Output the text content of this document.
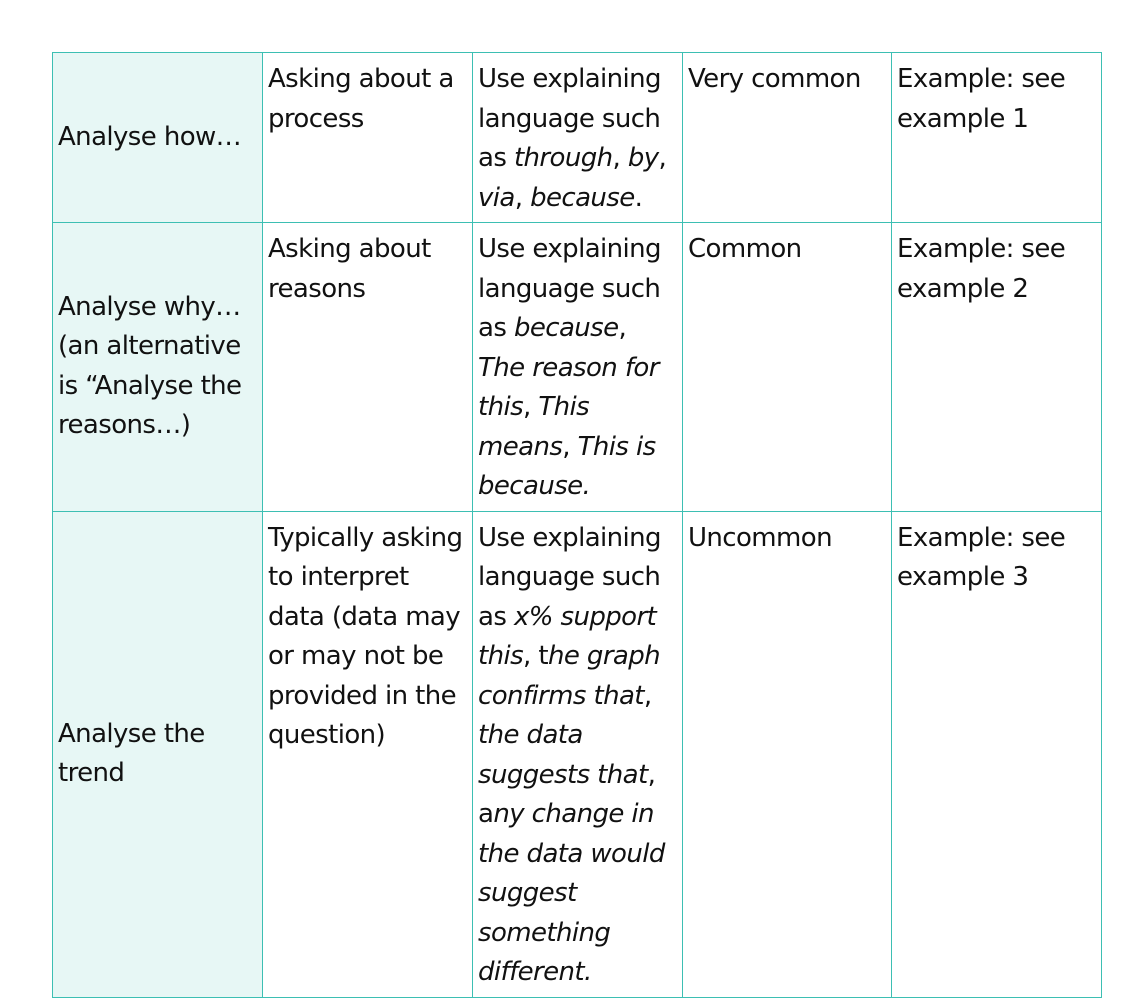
Analyse how…	Asking about a process	Use explaining language such as through, by, via, because.	Very common	Example: see example 1
Analyse why… (an alternative is “Analyse the reasons…)	Asking about reasons	Use explaining language such as because, The reason for this, This means, This is because.	Common	Example: see example 2
Analyse the trend	Typically asking to interpret data (data may or may not be provided in the question)	Use explaining language such as x% support this, the graph confirms that, the data suggests that, any change in the data would suggest something different.	Uncommon	Example: see example 3
